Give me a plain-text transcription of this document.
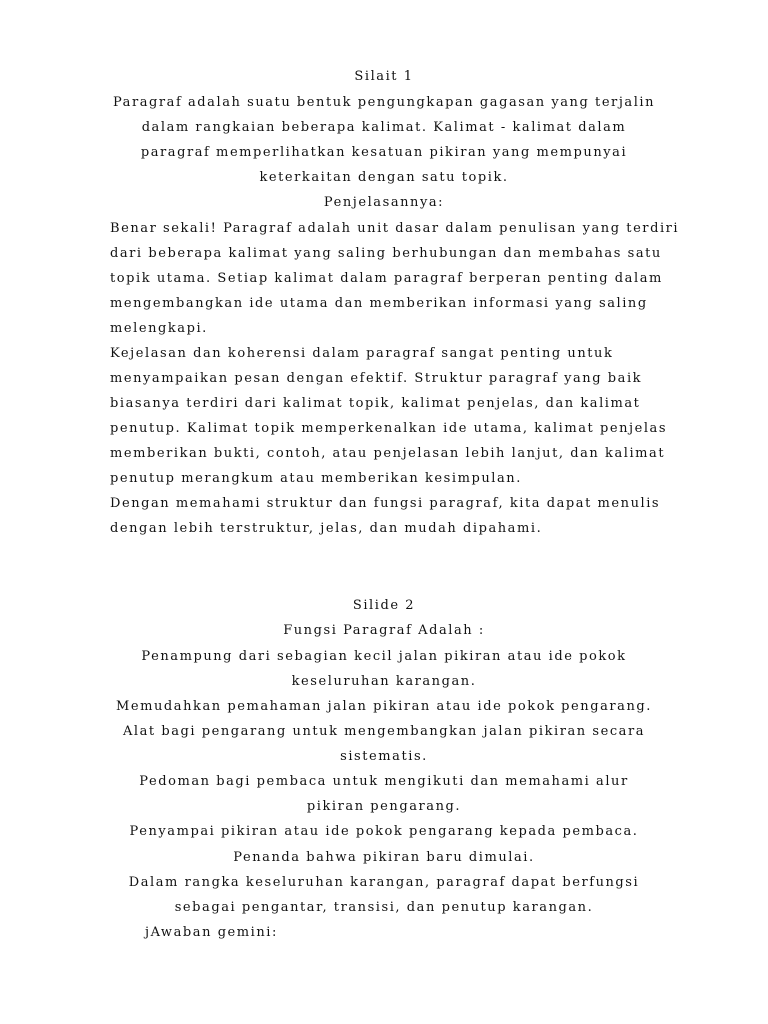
Silait 1
Paragraf adalah suatu bentuk pengungkapan gagasan yang terjalin
dalam rangkaian beberapa kalimat. Kalimat - kalimat dalam
paragraf memperlihatkan kesatuan pikiran yang mempunyai
keterkaitan dengan satu topik.
Penjelasannya:
Benar sekali! Paragraf adalah unit dasar dalam penulisan yang terdiri
dari beberapa kalimat yang saling berhubungan dan membahas satu
topik utama. Setiap kalimat dalam paragraf berperan penting dalam
mengembangkan ide utama dan memberikan informasi yang saling
melengkapi.
Kejelasan dan koherensi dalam paragraf sangat penting untuk
menyampaikan pesan dengan efektif. Struktur paragraf yang baik
biasanya terdiri dari kalimat topik, kalimat penjelas, dan kalimat
penutup. Kalimat topik memperkenalkan ide utama, kalimat penjelas
memberikan bukti, contoh, atau penjelasan lebih lanjut, dan kalimat
penutup merangkum atau memberikan kesimpulan.
Dengan memahami struktur dan fungsi paragraf, kita dapat menulis
dengan lebih terstruktur, jelas, dan mudah dipahami.
Silide 2
Fungsi Paragraf Adalah :
Penampung dari sebagian kecil jalan pikiran atau ide pokok
keseluruhan karangan.
Memudahkan pemahaman jalan pikiran atau ide pokok pengarang.
Alat bagi pengarang untuk mengembangkan jalan pikiran secara
sistematis.
Pedoman bagi pembaca untuk mengikuti dan memahami alur
pikiran pengarang.
Penyampai pikiran atau ide pokok pengarang kepada pembaca.
Penanda bahwa pikiran baru dimulai.
Dalam rangka keseluruhan karangan, paragraf dapat berfungsi
sebagai pengantar, transisi, dan penutup karangan.
jAwaban gemini:
